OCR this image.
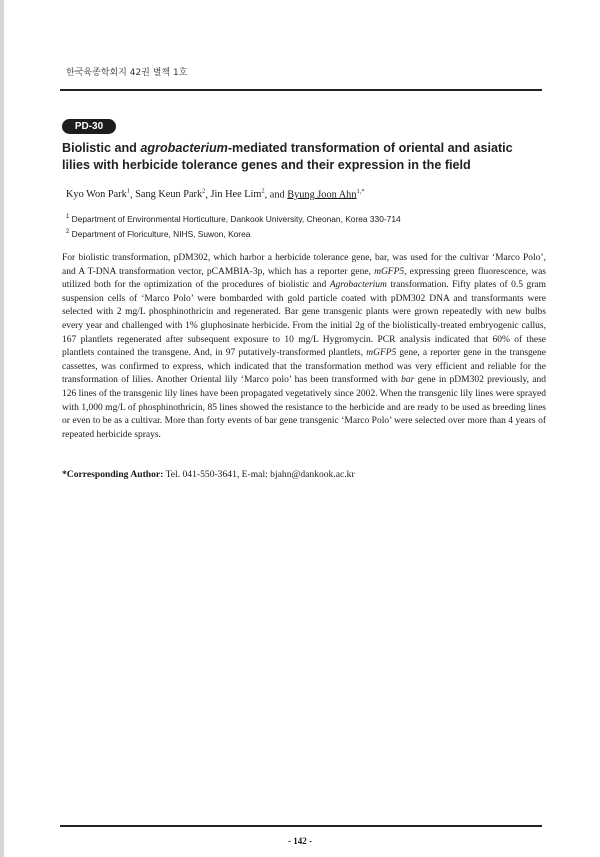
한국육종학회지 42권 별책 1호
PD-30
Biolistic and agrobacterium-mediated transformation of oriental and asiatic lilies with herbicide tolerance genes and their expression in the field
Kyo Won Park$^1$, Sang Keun Park$^2$, Jin Hee Lim$^2$, and Byung Joon Ahn$^{1,*}$
$^1$ Department of Environmental Horticulture, Dankook University, Cheonan, Korea 330-714
$^2$ Department of Floriculture, NIHS, Suwon, Korea

For biolistic transformation, pDM302, which harbor a herbicide tolerance gene, bar, was used for the cultivar ‘Marco Polo’, and A T-DNA transformation vector, pCAMBIA-3p, which has a reporter gene, mGFP5, expressing green fluorescence, was utilized both for the optimization of the procedures of biolistic and Agrobacterium transformation. Fifty plates of 0.5 gram suspension cells of ‘Marco Polo’ were bombarded with gold particle coated with pDM302 DNA and transformants were selected with 2 mg/L phosphinothricin and regenerated. Bar gene transgenic plants were grown repeatedly with new bulbs every year and challenged with 1% gluphosinate herbicide. From the initial 2g of the biolistically-treated embryogenic callus, 167 plantlets regenerated after subsequent exposure to 10 mg/L Hygromycin. PCR analysis indicated that 60% of these plantlets contained the transgene. And, in 97 putatively-transformed plantlets, mGFP5 gene, a reporter gene in the transgene cassettes, was confirmed to express, which indicated that the transformation method was very efficient and reliable for the transformation of lilies. Another Oriental lily ‘Marco polo’ has been transformed with bar gene in pDM302 previously, and 126 lines of the transgenic lily lines have been propagated vegetatively since 2002. When the transgenic lily lines were sprayed with 1,000 mg/L of phosphinothricin, 85 lines showed the resistance to the herbicide and are ready to be used as breeding lines or even to be as a cultivar. More than forty events of bar gene transgenic ‘Marco Polo’ were selected over more than 4 years of repeated herbicide sprays.

*Corresponding Author: Tel. 041-550-3641, E-mal: bjahn@dankook.ac.kr
- 142 -
